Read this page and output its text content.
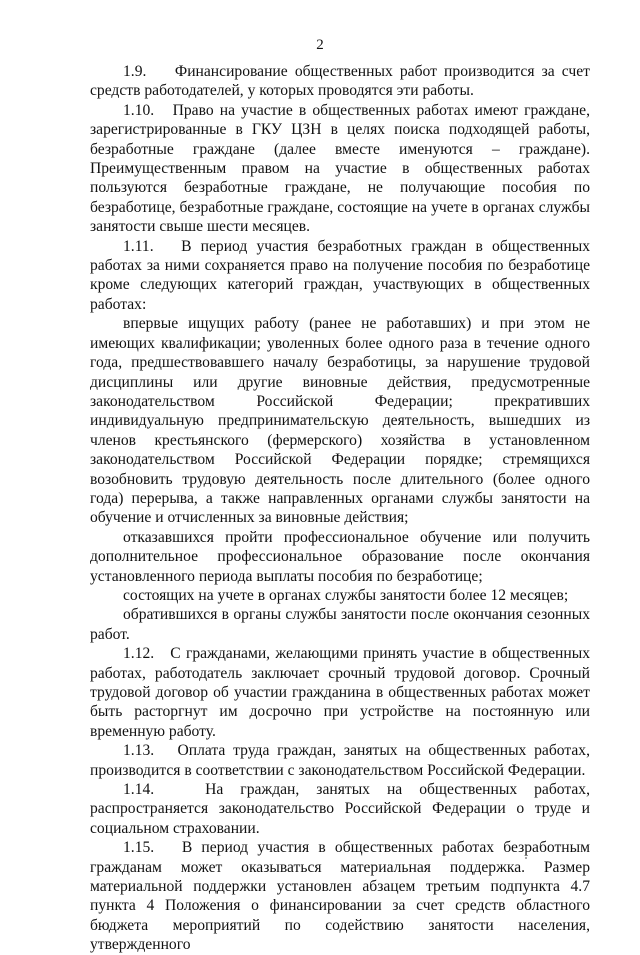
2

1.9.    Финансирование общественных работ производится за счет средств работодателей, у которых проводятся эти работы.

1.10.   Право на участие в общественных работах имеют граждане, зарегистрированные в ГКУ ЦЗН в целях поиска подходящей работы, безработные граждане (далее вместе именуются – граждане). Преимущественным правом на участие в общественных работах пользуются безработные граждане, не получающие пособия по безработице, безработные граждане, состоящие на учете в органах службы занятости свыше шести месяцев.

1.11.   В период участия безработных граждан в общественных работах за ними сохраняется право на получение пособия по безработице кроме следующих категорий граждан, участвующих в общественных работах:

впервые ищущих работу (ранее не работавших) и при этом не имеющих квалификации; уволенных более одного раза в течение одного года, предшествовавшего началу безработицы, за нарушение трудовой дисциплины или другие виновные действия, предусмотренные законодательством Российской Федерации; прекративших индивидуальную предпринимательскую деятельность, вышедших из членов крестьянского (фермерского) хозяйства в установленном законодательством Российской Федерации порядке; стремящихся возобновить трудовую деятельность после длительного (более одного года) перерыва, а также направленных органами службы занятости на обучение и отчисленных за виновные действия;

отказавшихся пройти профессиональное обучение или получить дополнительное профессиональное образование после окончания установленного периода выплаты пособия по безработице;

состоящих на учете в органах службы занятости более 12 месяцев;

обратившихся в органы службы занятости после окончания сезонных работ.

1.12.   С гражданами, желающими принять участие в общественных работах, работодатель заключает срочный трудовой договор. Срочный трудовой договор об участии гражданина в общественных работах может быть расторгнут им досрочно при устройстве на постоянную или временную работу.

1.13.   Оплата труда граждан, занятых на общественных работах, производится в соответствии с законодательством Российской Федерации.

1.14.   На граждан, занятых на общественных работах, распространяется законодательство Российской Федерации о труде и социальном страховании.

1.15.   В период участия в общественных работах безработным гражданам может оказываться материальная поддержка. Размер материальной поддержки установлен абзацем третьим подпункта 4.7 пункта 4 Положения о финансировании за счет средств областного бюджета мероприятий по содействию занятости населения, утвержденного
